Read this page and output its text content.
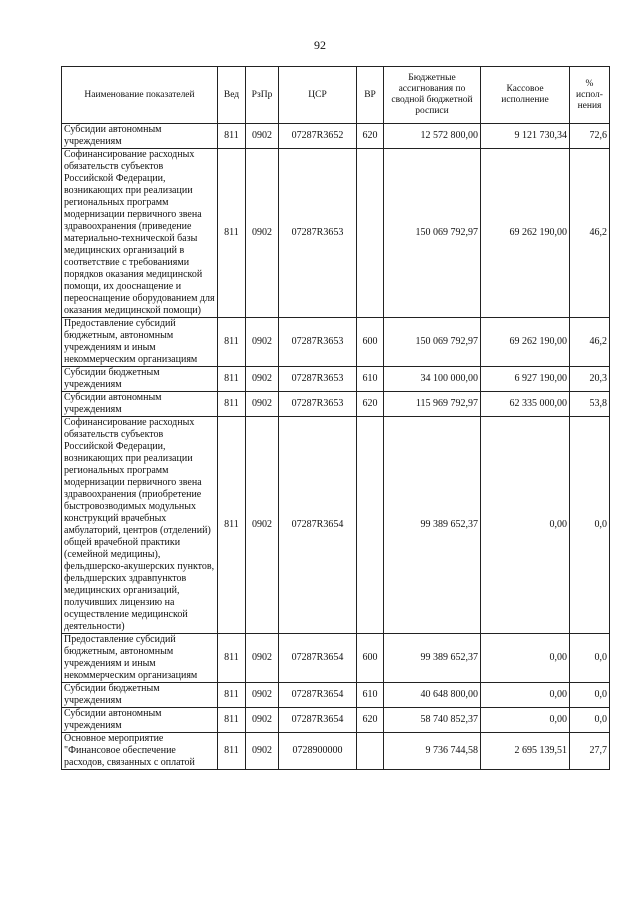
92
Наименование показателей	Вед	РзПр	ЦСР	ВР	Бюджетные ассигнования по сводной бюджетной росписи	Кассовое исполнение	% испол-нения
Субсидии автономным учреждениям	811	0902	07287R3652	620	12 572 800,00	9 121 730,34	72,6
Софинансирование расходных обязательств субъектов Российской Федерации, возникающих при реализации региональных программ модернизации первичного звена здравоохранения (приведение материально-технической базы медицинских организаций в соответствие с требованиями порядков оказания медицинской помощи, их дооснащение и переоснащение оборудованием для оказания медицинской помощи)	811	0902	07287R3653		150 069 792,97	69 262 190,00	46,2
Предоставление субсидий бюджетным, автономным учреждениям и иным некоммерческим организациям	811	0902	07287R3653	600	150 069 792,97	69 262 190,00	46,2
Субсидии бюджетным учреждениям	811	0902	07287R3653	610	34 100 000,00	6 927 190,00	20,3
Субсидии автономным учреждениям	811	0902	07287R3653	620	115 969 792,97	62 335 000,00	53,8
Софинансирование расходных обязательств субъектов Российской Федерации, возникающих при реализации региональных программ модернизации первичного звена здравоохранения (приобретение быстровозводимых модульных конструкций врачебных амбулаторий, центров (отделений) общей врачебной практики (семейной медицины), фельдшерско-акушерских пунктов, фельдшерских здравпунктов медицинских организаций, получивших лицензию на осуществление медицинской деятельности)	811	0902	07287R3654		99 389 652,37	0,00	0,0
Предоставление субсидий бюджетным, автономным учреждениям и иным некоммерческим организациям	811	0902	07287R3654	600	99 389 652,37	0,00	0,0
Субсидии бюджетным учреждениям	811	0902	07287R3654	610	40 648 800,00	0,00	0,0
Субсидии автономным учреждениям	811	0902	07287R3654	620	58 740 852,37	0,00	0,0
Основное мероприятие "Финансовое обеспечение расходов, связанных с оплатой	811	0902	0728900000		9 736 744,58	2 695 139,51	27,7
